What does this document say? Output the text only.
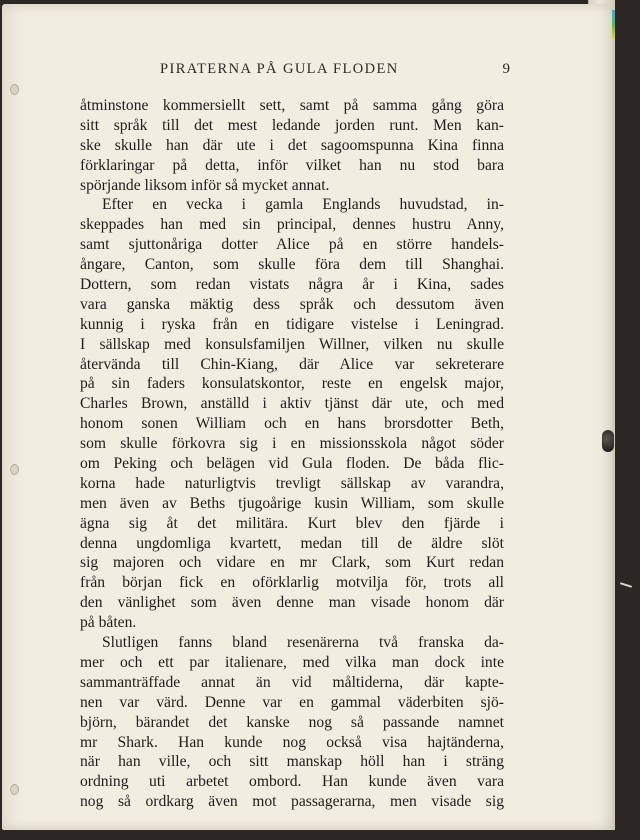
PIRATERNA PÅ GULA FLODEN	9
åtminstone kommersiellt sett, samt på samma gång göra
sitt språk till det mest ledande jorden runt. Men kan-
ske skulle han där ute i det sagoomspunna Kina finna
förklaringar på detta, inför vilket han nu stod bara
spörjande liksom inför så mycket annat.
Efter en vecka i gamla Englands huvudstad, in-
skeppades han med sin principal, dennes hustru Anny,
samt sjuttonåriga dotter Alice på en större handels-
ångare, Canton, som skulle föra dem till Shanghai.
Dottern, som redan vistats några år i Kina, sades
vara ganska mäktig dess språk och dessutom även
kunnig i ryska från en tidigare vistelse i Leningrad.
I sällskap med konsulsfamiljen Willner, vilken nu skulle
återvända till Chin-Kiang, där Alice var sekreterare
på sin faders konsulatskontor, reste en engelsk major,
Charles Brown, anställd i aktiv tjänst där ute, och med
honom sonen William och en hans brorsdotter Beth,
som skulle förkovra sig i en missionsskola något söder
om Peking och belägen vid Gula floden. De båda flic-
korna hade naturligtvis trevligt sällskap av varandra,
men även av Beths tjugoårige kusin William, som skulle
ägna sig åt det militära. Kurt blev den fjärde i
denna ungdomliga kvartett, medan till de äldre slöt
sig majoren och vidare en mr Clark, som Kurt redan
från början fick en oförklarlig motvilja för, trots all
den vänlighet som även denne man visade honom där
på båten.
Slutligen fanns bland resenärerna två franska da-
mer och ett par italienare, med vilka man dock inte
sammanträffade annat än vid måltiderna, där kapte-
nen var värd. Denne var en gammal väderbiten sjö-
björn, bärandet det kanske nog så passande namnet
mr Shark. Han kunde nog också visa hajtänderna,
när han ville, och sitt manskap höll han i sträng
ordning uti arbetet ombord. Han kunde även vara
nog så ordkarg även mot passagerarna, men visade sig
